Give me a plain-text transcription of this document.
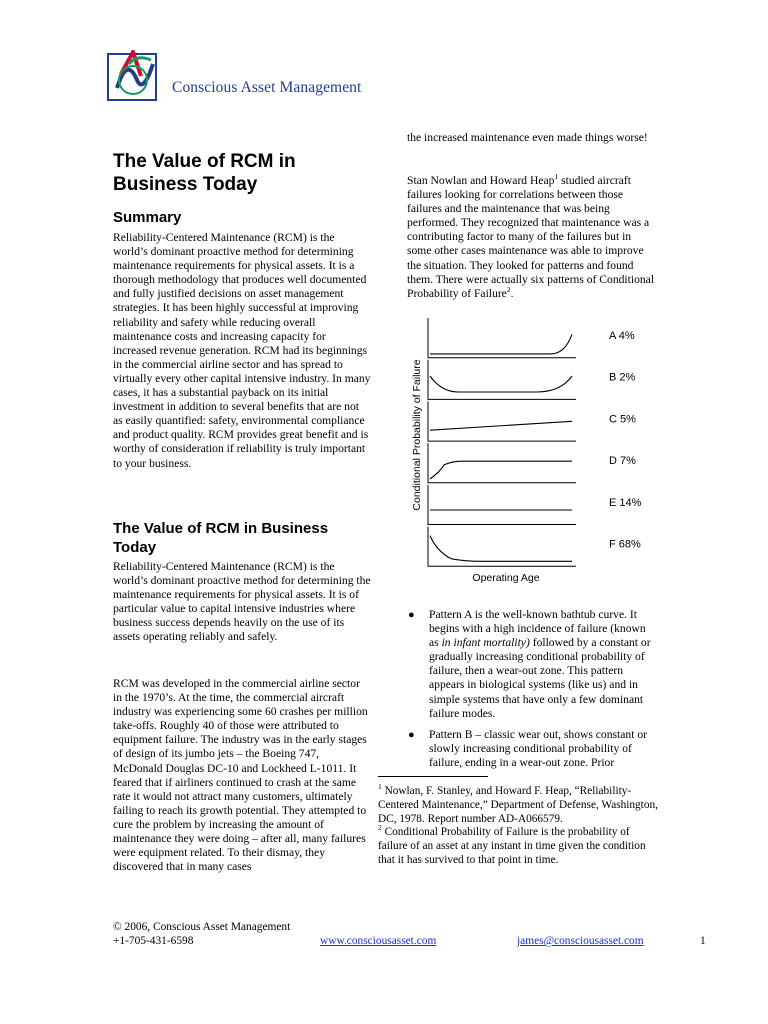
Conscious Asset Management
The Value of RCM in Business Today
Summary

Reliability-Centered Maintenance (RCM) is the world’s dominant proactive method for determining maintenance requirements for physical assets. It is a thorough methodology that produces well documented and fully justified decisions on asset management strategies. It has been highly successful at improving reliability and safety while reducing overall maintenance costs and increasing capacity for increased revenue generation. RCM had its beginnings in the commercial airline sector and has spread to virtually every other capital intensive industry. In many cases, it has a substantial payback on its initial investment in addition to several benefits that are not as easily quantified: safety, environmental compliance and product quality. RCM provides great benefit and is worthy of consideration if reliability is truly important to your business.

The Value of RCM in Business Today

Reliability-Centered Maintenance (RCM) is the world’s dominant proactive method for determining the maintenance requirements for physical assets. It is of particular value to capital intensive industries where business success depends heavily on the use of its assets operating reliably and safely.

RCM was developed in the commercial airline sector in the 1970’s. At the time, the commercial aircraft industry was experiencing some 60 crashes per million take-offs. Roughly 40 of those were attributed to equipment failure. The industry was in the early stages of design of its jumbo jets – the Boeing 747, McDonald Douglas DC-10 and Lockheed L-1011. It feared that if airliners continued to crash at the same rate it would not attract many customers, ultimately failing to reach its growth potential. They attempted to cure the problem by increasing the amount of maintenance they were doing – after all, many failures were equipment related. To their dismay, they discovered that in many cases

the increased maintenance even made things worse!

Stan Nowlan and Howard Heap$^1$ studied aircraft failures looking for correlations between those failures and the maintenance that was being performed. They recognized that maintenance was a contributing factor to many of the failures but in some other cases maintenance was able to improve the situation. They looked for patterns and found them. There were actually six patterns of Conditional Probability of Failure$^2$.

A 4%
B 2%
C 5%
D 7%
E 14%
F 68%
Conditional Probability of Failure
Operating Age
● Pattern A is the well-known bathtub curve. It begins with a high incidence of failure (known as in infant mortality) followed by a constant or gradually increasing conditional probability of failure, then a wear-out zone. This pattern appears in biological systems (like us) and in simple systems that have only a few dominant failure modes.
● Pattern B – classic wear out, shows constant or slowly increasing conditional probability of failure, ending in a wear-out zone. Prior
$^1$ Nowlan, F. Stanley, and Howard F. Heap, “Reliability-Centered Maintenance,” Department of Defense, Washington, DC, 1978. Report number AD-A066579.
$^2$ Conditional Probability of Failure is the probability of failure of an asset at any instant in time given the condition that it has survived to that point in time.
© 2006, Conscious Asset Management
+1-705-431-6598	www.consciousasset.com	james@consciousasset.com	1
